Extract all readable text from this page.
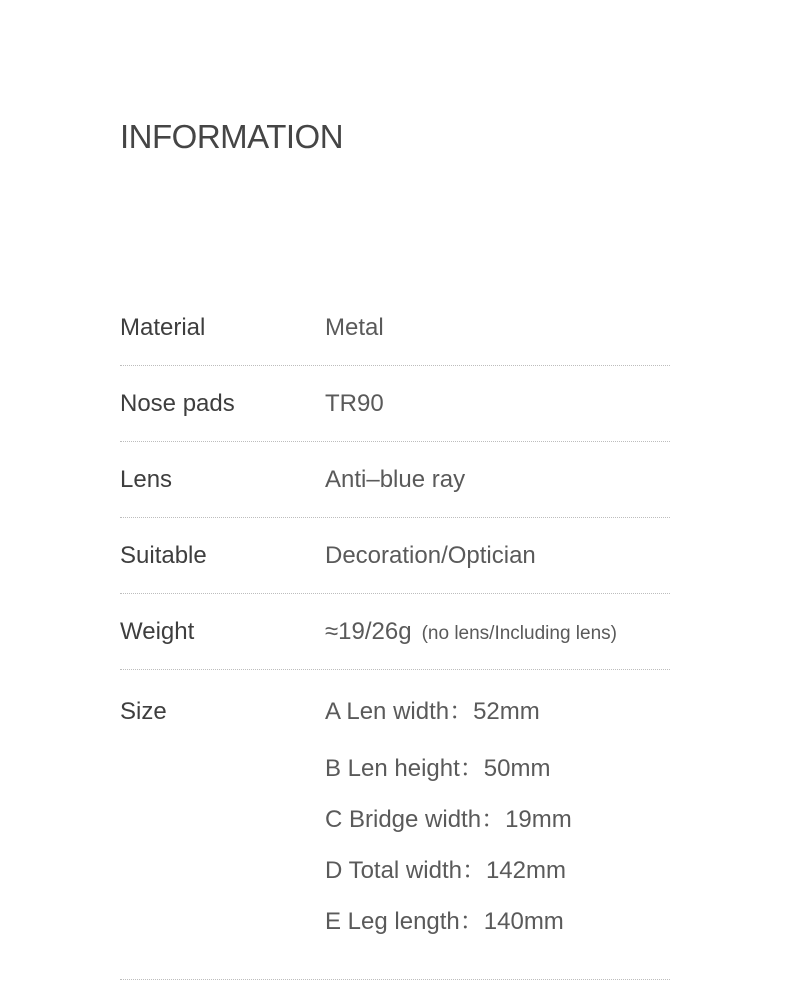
INFORMATION
Material	Metal
Nose pads	TR90
Lens	Anti–blue ray
Suitable	Decoration/Optician
Weight	≈19/26g (no lens/Including lens)
Size	A Len width：52mm
B Len height：50mm
C Bridge width：19mm
D Total width：142mm
E Leg length：140mm
